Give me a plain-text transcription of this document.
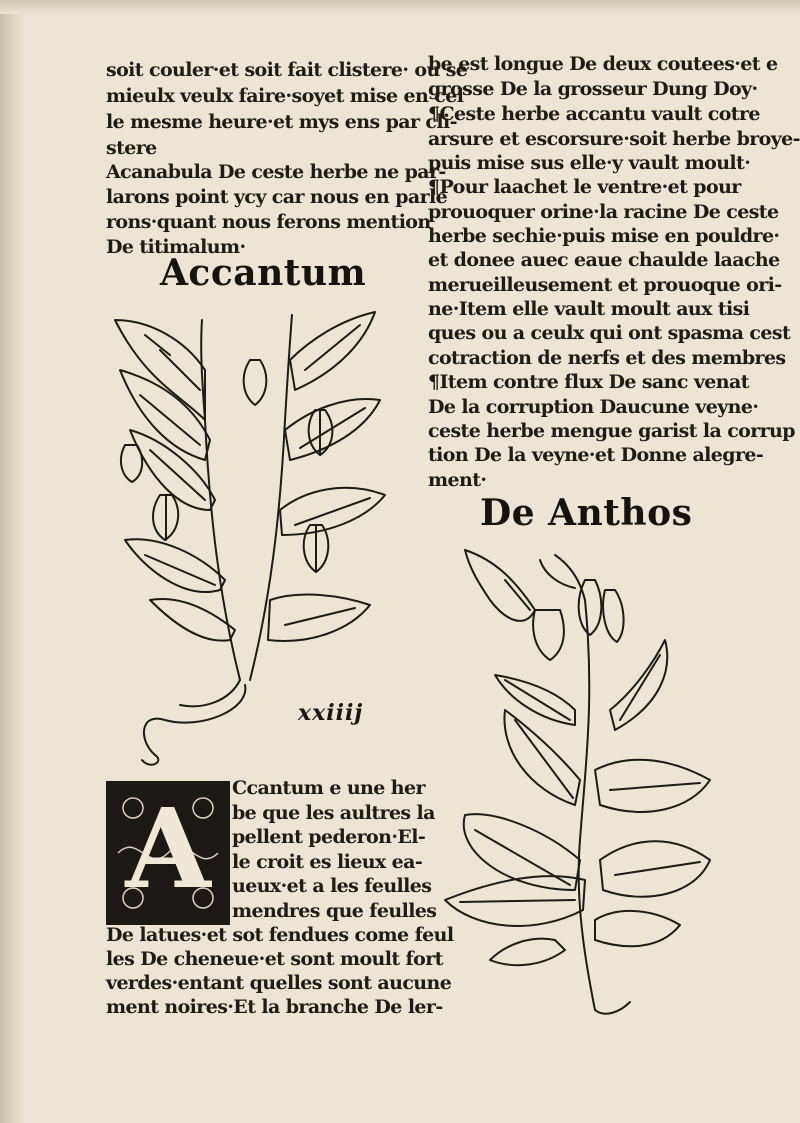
soit couler·et soit fait clistere· ou se
mieulx veulx faire·soyet mise en cel
le mesme heure·et mys ens par cli-
stere
Acanabula De ceste herbe ne par-
larons point ycy car nous en parle
rons·quant nous ferons mention
De titimalum·
Accantum
xxiiij
A	Ccantum e une her
be que les aultres la
pellent pederon·El-
le croit es lieux ea-
ueux·et a les feulles
mendres que feulles
De latues·et sot fendues come feul
les De cheneue·et sont moult fort
verdes·entant quelles sont aucune
ment noires·Et la branche De ler-
be est longue De deux coutees·et e
grosse De la grosseur Dung Doy·
¶Ceste herbe accantu vault cotre
arsure et escorsure·soit herbe broye-
puis mise sus elle·y vault moult·
¶Pour laachet le ventre·et pour
prouoquer orine·la racine De ceste
herbe sechie·puis mise en pouldre·
et donee auec eaue chaulde laache
merueilleusement et prouoque ori-
ne·Item elle vault moult aux tisi
ques ou a ceulx qui ont spasma cest
cotraction de nerfs et des membres
¶Item contre flux De sanc venat
De la corruption Daucune veyne·
ceste herbe mengue garist la corrup
tion De la veyne·et Donne alegre-
ment·
De Anthos
